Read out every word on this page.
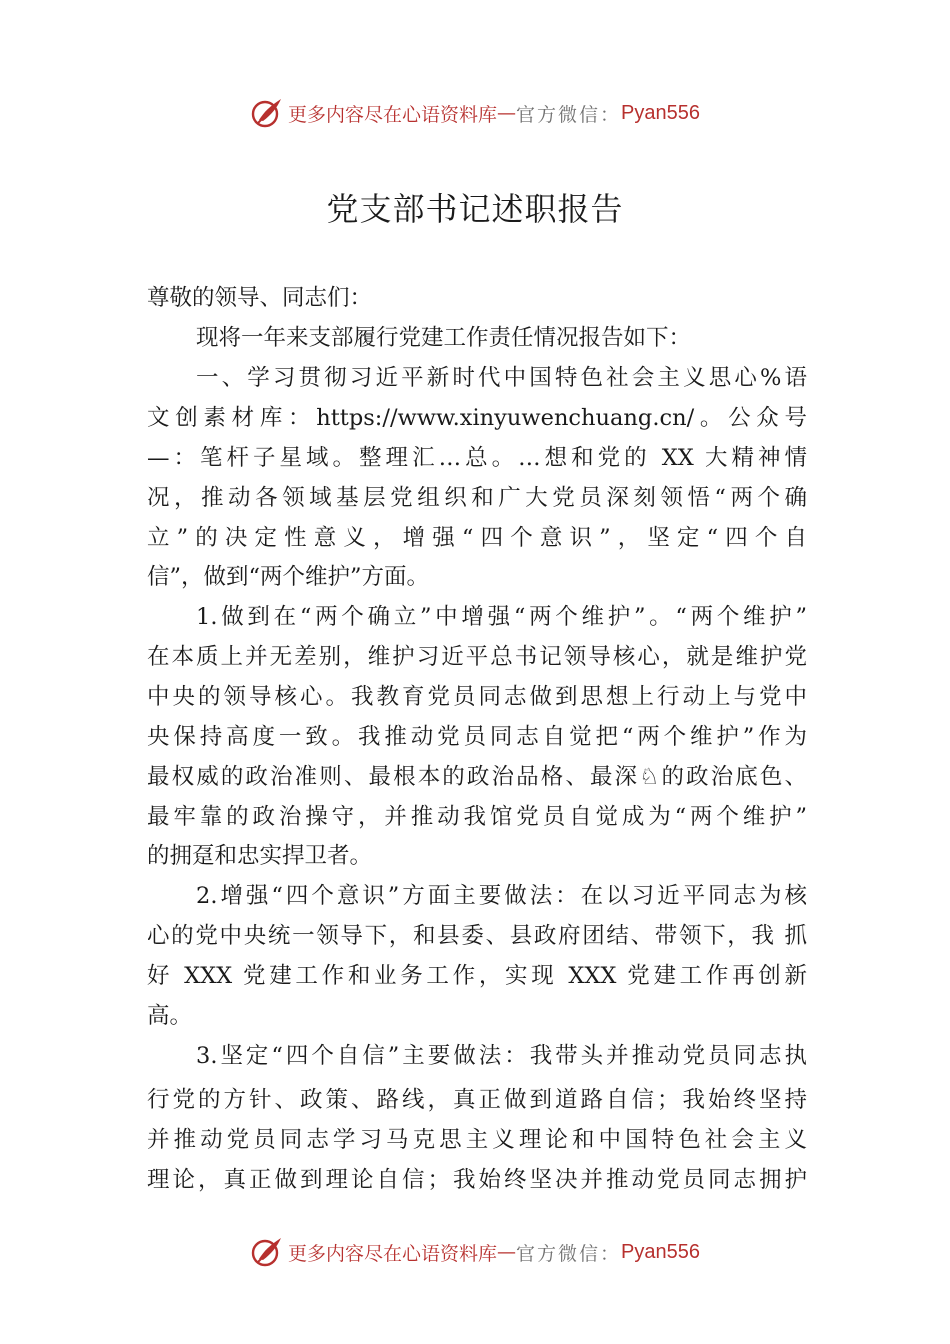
更多内容尽在心语资料库 — 官方微信： Pyan556
党支部书记述职报告
尊敬的领导、同志们：
现将一年来支部履行党建工作责任情况报告如下：
一、学习贯彻习近平新时代中国特色社会主义思心%语
文创素材库：https://www.xinyuwenchuang.cn/。公众号
—：笔杆子星域。整理汇…总。…想和党的 XX 大精神情
况，推动各领域基层党组织和广大党员深刻领悟“两个确
立”的决定性意义，增强“四个意识”，坚定“四个自
信”，做到“两个维护”方面。
1.做到在“两个确立”中增强“两个维护”。“两个维护”
在本质上并无差别，维护习近平总书记领导核心，就是维护党
中央的领导核心。我教育党员同志做到思想上行动上与党中
央保持高度一致。我推动党员同志自觉把“两个维护”作为
最权威的政治准则、最根本的政治品格、最深♘的政治底色、
最牢靠的政治操守，并推动我馆党员自觉成为“两个维护”
的拥趸和忠实捍卫者。
2.增强“四个意识”方面主要做法：在以习近平同志为核
心的党中央统一领导下，和县委、县政府团结、带领下，我 抓
好 XXX 党建工作和业务工作，实现 XXX 党建工作再创新
高。
3.坚定“四个自信”主要做法：我带头并推动党员同志执
行党的方针、政策、路线，真正做到道路自信；我始终坚持
并推动党员同志学习马克思主义理论和中国特色社会主义
理论，真正做到理论自信；我始终坚决并推动党员同志拥护
更多内容尽在心语资料库 — 官方微信： Pyan556
